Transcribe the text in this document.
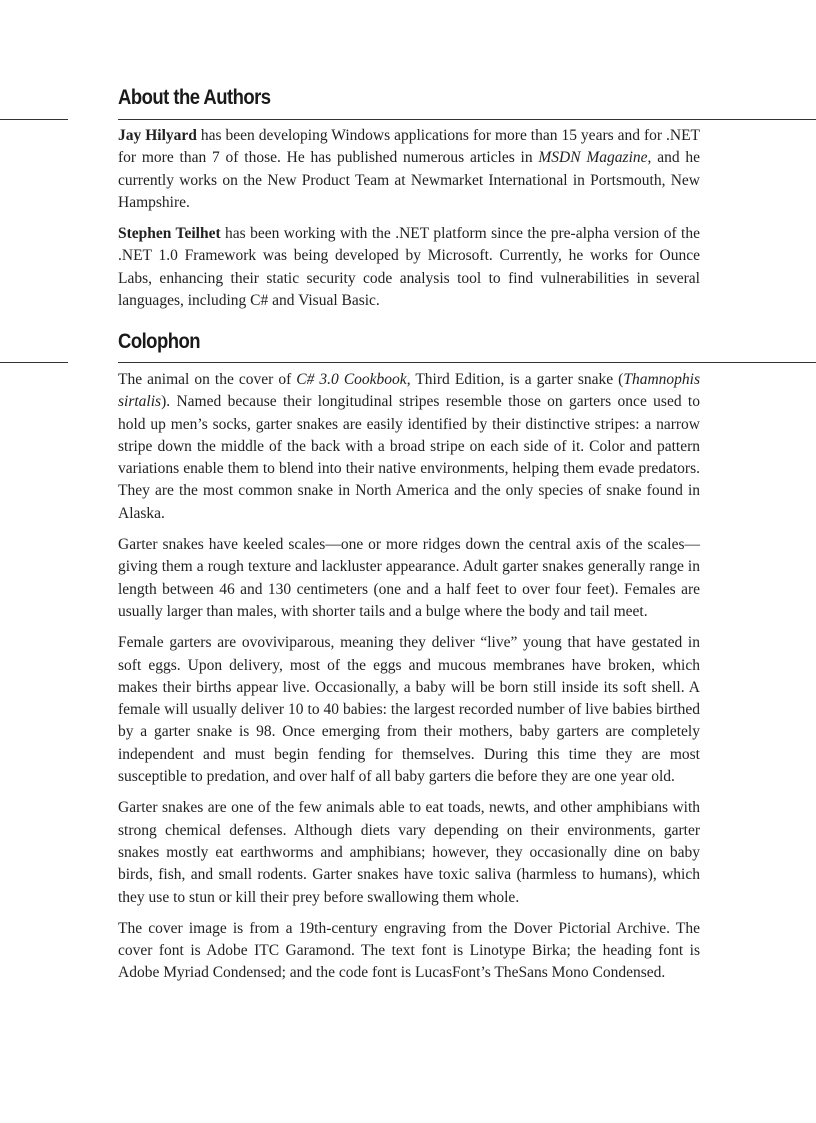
About the Authors

Jay Hilyard has been developing Windows applications for more than 15 years and for .NET for more than 7 of those. He has published numerous articles in MSDN Magazine, and he currently works on the New Product Team at Newmarket International in Portsmouth, New Hampshire.

Stephen Teilhet has been working with the .NET platform since the pre-alpha version of the .NET 1.0 Framework was being developed by Microsoft. Currently, he works for Ounce Labs, enhancing their static security code analysis tool to find vulnerabilities in several languages, including C# and Visual Basic.

Colophon

The animal on the cover of C# 3.0 Cookbook, Third Edition, is a garter snake (Thamnophis sirtalis). Named because their longitudinal stripes resemble those on garters once used to hold up men’s socks, garter snakes are easily identified by their distinctive stripes: a narrow stripe down the middle of the back with a broad stripe on each side of it. Color and pattern variations enable them to blend into their native environments, helping them evade predators. They are the most common snake in North America and the only species of snake found in Alaska.

Garter snakes have keeled scales—one or more ridges down the central axis of the scales—giving them a rough texture and lackluster appearance. Adult garter snakes generally range in length between 46 and 130 centimeters (one and a half feet to over four feet). Females are usually larger than males, with shorter tails and a bulge where the body and tail meet.

Female garters are ovoviviparous, meaning they deliver “live” young that have gestated in soft eggs. Upon delivery, most of the eggs and mucous membranes have broken, which makes their births appear live. Occasionally, a baby will be born still inside its soft shell. A female will usually deliver 10 to 40 babies: the largest recorded number of live babies birthed by a garter snake is 98. Once emerging from their mothers, baby garters are completely independent and must begin fending for themselves. During this time they are most susceptible to predation, and over half of all baby garters die before they are one year old.

Garter snakes are one of the few animals able to eat toads, newts, and other amphibians with strong chemical defenses. Although diets vary depending on their environments, garter snakes mostly eat earthworms and amphibians; however, they occasionally dine on baby birds, fish, and small rodents. Garter snakes have toxic saliva (harmless to humans), which they use to stun or kill their prey before swallowing them whole.

The cover image is from a 19th-century engraving from the Dover Pictorial Archive. The cover font is Adobe ITC Garamond. The text font is Linotype Birka; the heading font is Adobe Myriad Condensed; and the code font is LucasFont’s TheSans Mono Condensed.
